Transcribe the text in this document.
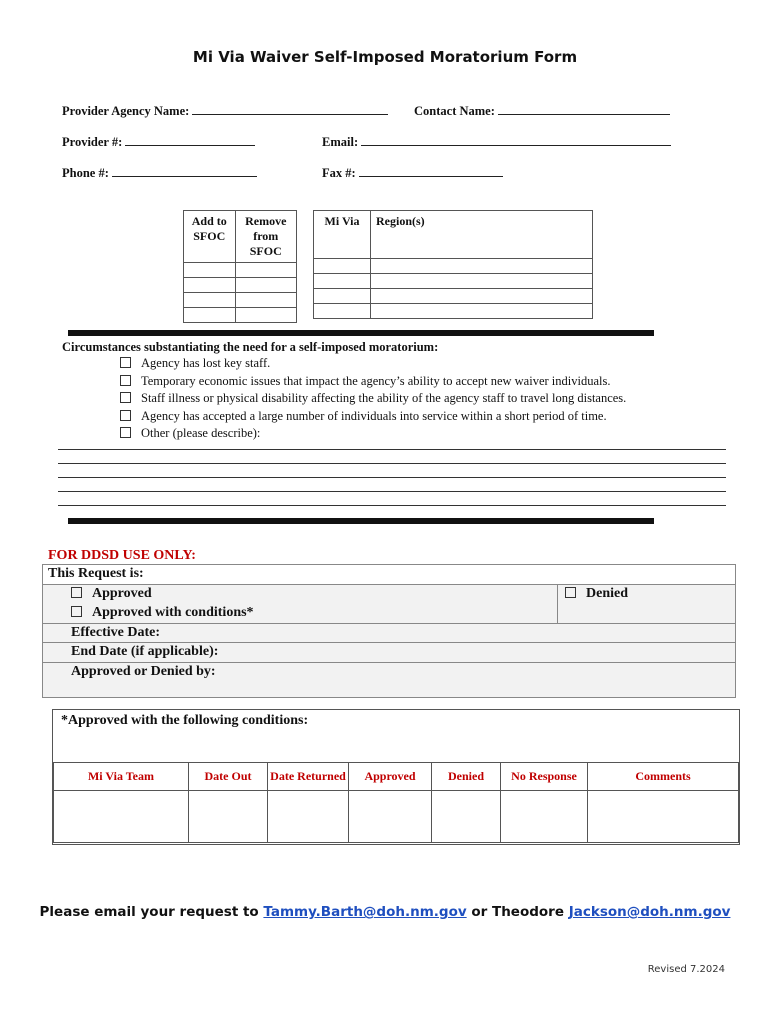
Mi Via Waiver Self-Imposed Moratorium Form
Provider Agency Name:	Contact Name:
Provider #:	Email:
Phone #:	Fax #:
Add to SFOC	Remove from SFOC

Mi Via	Region(s)

Circumstances substantiating the need for a self-imposed moratorium:
Agency has lost key staff.
Temporary economic issues that impact the agency’s ability to accept new waiver individuals.
Staff illness or physical disability affecting the ability of the agency staff to travel long distances.
Agency has accepted a large number of individuals into service within a short period of time.
Other (please describe):
FOR DDSD USE ONLY:
This Request is:
Approved
Approved with conditions*
Denied
Effective Date:
End Date (if applicable):
Approved or Denied by:
*Approved with the following conditions:
Mi Via Team	Date Out	Date Returned	Approved	Denied	No Response	Comments

Please email your request to Tammy.Barth@doh.nm.gov or Theodore Jackson@doh.nm.gov
Revised 7.2024
